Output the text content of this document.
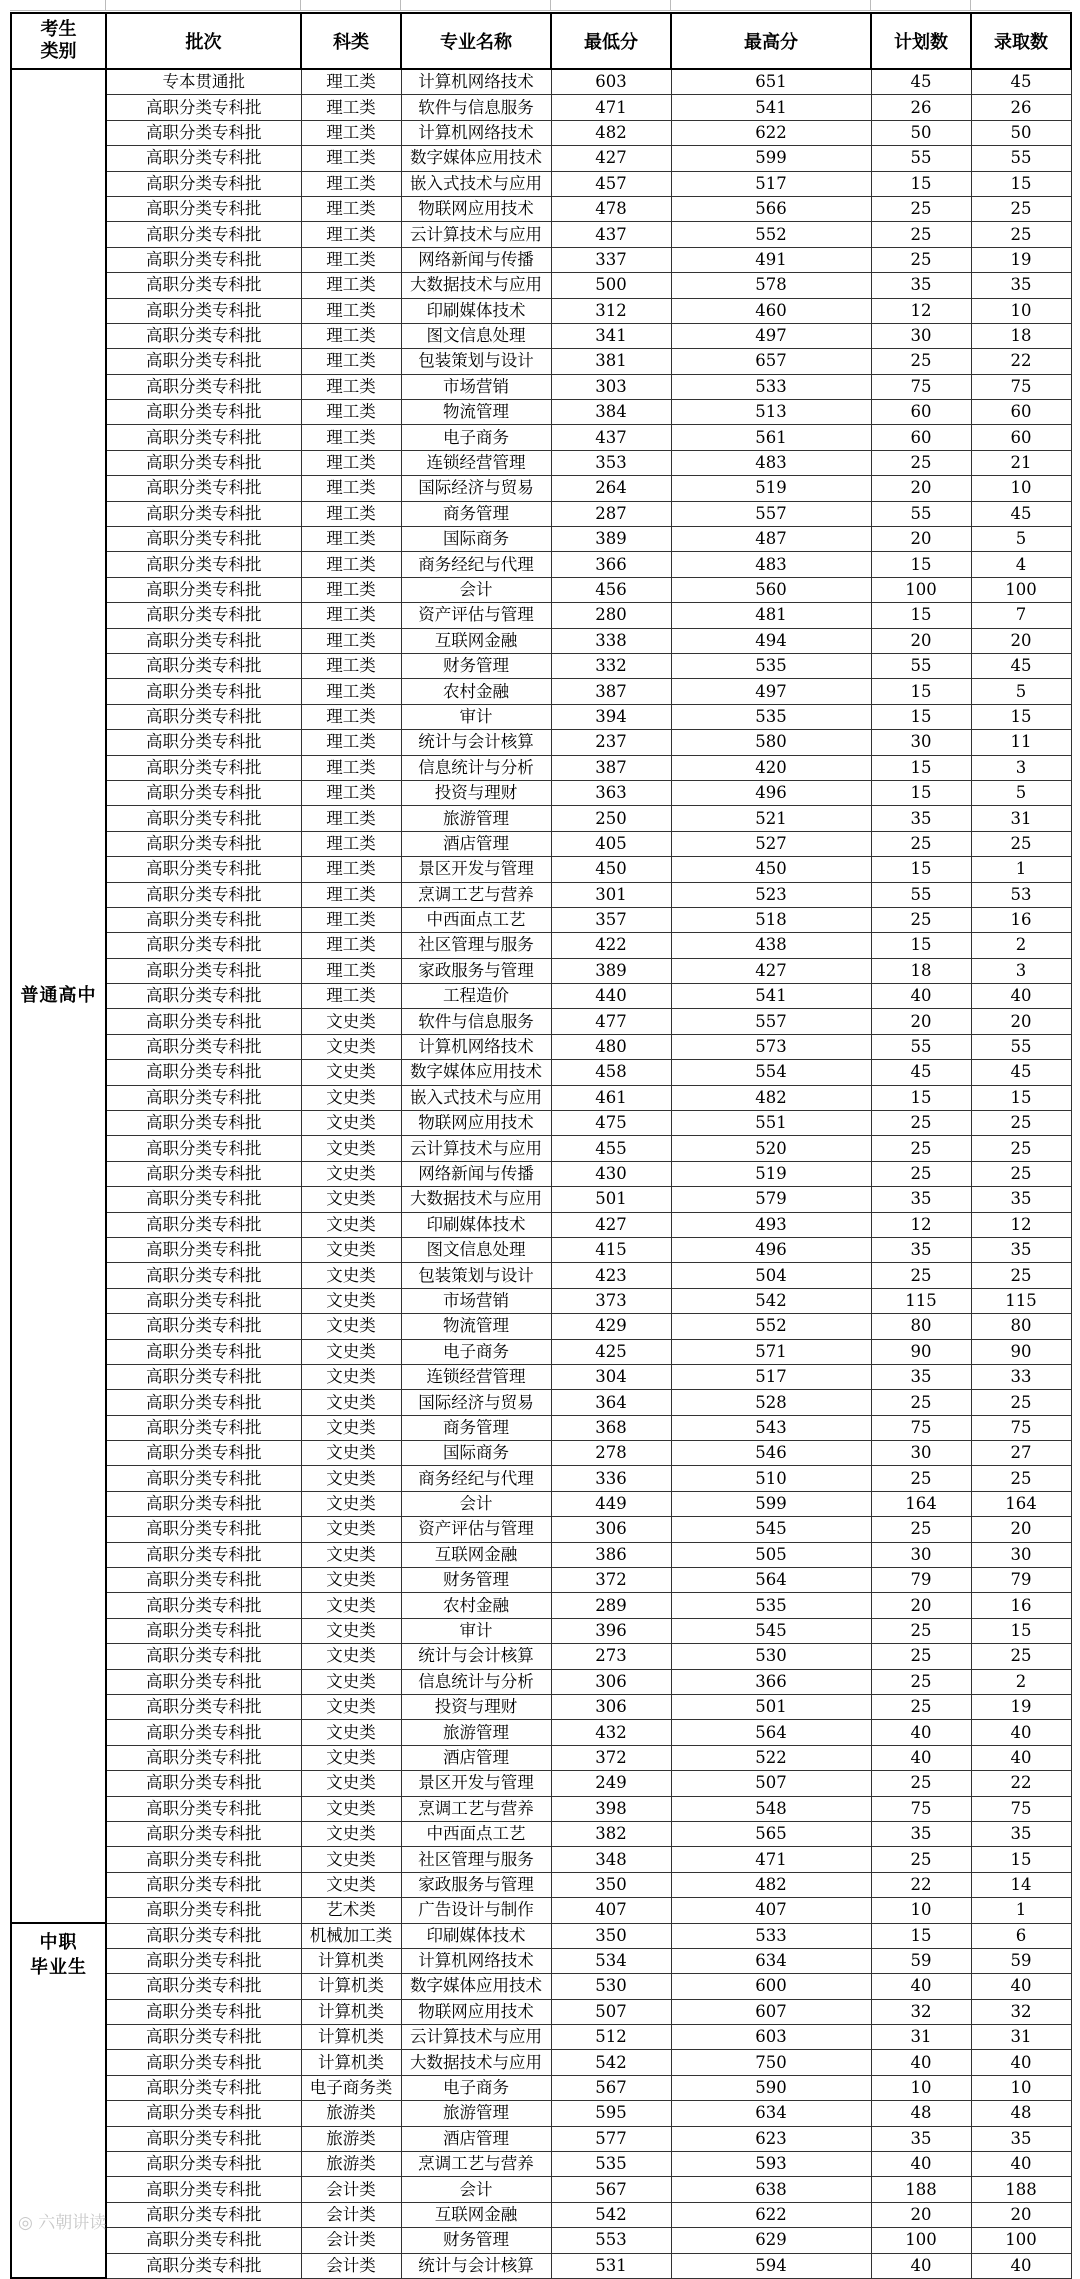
考生
类别	批次	科类	专业名称	最低分	最高分	计划数	录取数
普通高中	专本贯通批	理工类	计算机网络技术	603	651	45	45
	高职分类专科批	理工类	软件与信息服务	471	541	26	26
	高职分类专科批	理工类	计算机网络技术	482	622	50	50
	高职分类专科批	理工类	数字媒体应用技术	427	599	55	55
	高职分类专科批	理工类	嵌入式技术与应用	457	517	15	15
	高职分类专科批	理工类	物联网应用技术	478	566	25	25
	高职分类专科批	理工类	云计算技术与应用	437	552	25	25
	高职分类专科批	理工类	网络新闻与传播	337	491	25	19
	高职分类专科批	理工类	大数据技术与应用	500	578	35	35
	高职分类专科批	理工类	印刷媒体技术	312	460	12	10
	高职分类专科批	理工类	图文信息处理	341	497	30	18
	高职分类专科批	理工类	包装策划与设计	381	657	25	22
	高职分类专科批	理工类	市场营销	303	533	75	75
	高职分类专科批	理工类	物流管理	384	513	60	60
	高职分类专科批	理工类	电子商务	437	561	60	60
	高职分类专科批	理工类	连锁经营管理	353	483	25	21
	高职分类专科批	理工类	国际经济与贸易	264	519	20	10
	高职分类专科批	理工类	商务管理	287	557	55	45
	高职分类专科批	理工类	国际商务	389	487	20	5
	高职分类专科批	理工类	商务经纪与代理	366	483	15	4
	高职分类专科批	理工类	会计	456	560	100	100
	高职分类专科批	理工类	资产评估与管理	280	481	15	7
	高职分类专科批	理工类	互联网金融	338	494	20	20
	高职分类专科批	理工类	财务管理	332	535	55	45
	高职分类专科批	理工类	农村金融	387	497	15	5
	高职分类专科批	理工类	审计	394	535	15	15
	高职分类专科批	理工类	统计与会计核算	237	580	30	11
	高职分类专科批	理工类	信息统计与分析	387	420	15	3
	高职分类专科批	理工类	投资与理财	363	496	15	5
	高职分类专科批	理工类	旅游管理	250	521	35	31
	高职分类专科批	理工类	酒店管理	405	527	25	25
	高职分类专科批	理工类	景区开发与管理	450	450	15	1
	高职分类专科批	理工类	烹调工艺与营养	301	523	55	53
	高职分类专科批	理工类	中西面点工艺	357	518	25	16
	高职分类专科批	理工类	社区管理与服务	422	438	15	2
	高职分类专科批	理工类	家政服务与管理	389	427	18	3
	高职分类专科批	理工类	工程造价	440	541	40	40
	高职分类专科批	文史类	软件与信息服务	477	557	20	20
	高职分类专科批	文史类	计算机网络技术	480	573	55	55
	高职分类专科批	文史类	数字媒体应用技术	458	554	45	45
	高职分类专科批	文史类	嵌入式技术与应用	461	482	15	15
	高职分类专科批	文史类	物联网应用技术	475	551	25	25
	高职分类专科批	文史类	云计算技术与应用	455	520	25	25
	高职分类专科批	文史类	网络新闻与传播	430	519	25	25
	高职分类专科批	文史类	大数据技术与应用	501	579	35	35
	高职分类专科批	文史类	印刷媒体技术	427	493	12	12
	高职分类专科批	文史类	图文信息处理	415	496	35	35
	高职分类专科批	文史类	包装策划与设计	423	504	25	25
	高职分类专科批	文史类	市场营销	373	542	115	115
	高职分类专科批	文史类	物流管理	429	552	80	80
	高职分类专科批	文史类	电子商务	425	571	90	90
	高职分类专科批	文史类	连锁经营管理	304	517	35	33
	高职分类专科批	文史类	国际经济与贸易	364	528	25	25
	高职分类专科批	文史类	商务管理	368	543	75	75
	高职分类专科批	文史类	国际商务	278	546	30	27
	高职分类专科批	文史类	商务经纪与代理	336	510	25	25
	高职分类专科批	文史类	会计	449	599	164	164
	高职分类专科批	文史类	资产评估与管理	306	545	25	20
	高职分类专科批	文史类	互联网金融	386	505	30	30
	高职分类专科批	文史类	财务管理	372	564	79	79
	高职分类专科批	文史类	农村金融	289	535	20	16
	高职分类专科批	文史类	审计	396	545	25	15
	高职分类专科批	文史类	统计与会计核算	273	530	25	25
	高职分类专科批	文史类	信息统计与分析	306	366	25	2
	高职分类专科批	文史类	投资与理财	306	501	25	19
	高职分类专科批	文史类	旅游管理	432	564	40	40
	高职分类专科批	文史类	酒店管理	372	522	40	40
	高职分类专科批	文史类	景区开发与管理	249	507	25	22
	高职分类专科批	文史类	烹调工艺与营养	398	548	75	75
	高职分类专科批	文史类	中西面点工艺	382	565	35	35
	高职分类专科批	文史类	社区管理与服务	348	471	25	15
	高职分类专科批	文史类	家政服务与管理	350	482	22	14
	高职分类专科批	艺术类	广告设计与制作	407	407	10	1
中职
毕业生	高职分类专科批	机械加工类	印刷媒体技术	350	533	15	6
	高职分类专科批	计算机类	计算机网络技术	534	634	59	59
	高职分类专科批	计算机类	数字媒体应用技术	530	600	40	40
	高职分类专科批	计算机类	物联网应用技术	507	607	32	32
	高职分类专科批	计算机类	云计算技术与应用	512	603	31	31
	高职分类专科批	计算机类	大数据技术与应用	542	750	40	40
	高职分类专科批	电子商务类	电子商务	567	590	10	10
	高职分类专科批	旅游类	旅游管理	595	634	48	48
	高职分类专科批	旅游类	酒店管理	577	623	35	35
	高职分类专科批	旅游类	烹调工艺与营养	535	593	40	40
	高职分类专科批	会计类	会计	567	638	188	188
	高职分类专科批	会计类	互联网金融	542	622	20	20
	高职分类专科批	会计类	财务管理	553	629	100	100
	高职分类专科批	会计类	统计与会计核算	531	594	40	40
◎ 六朝讲读
